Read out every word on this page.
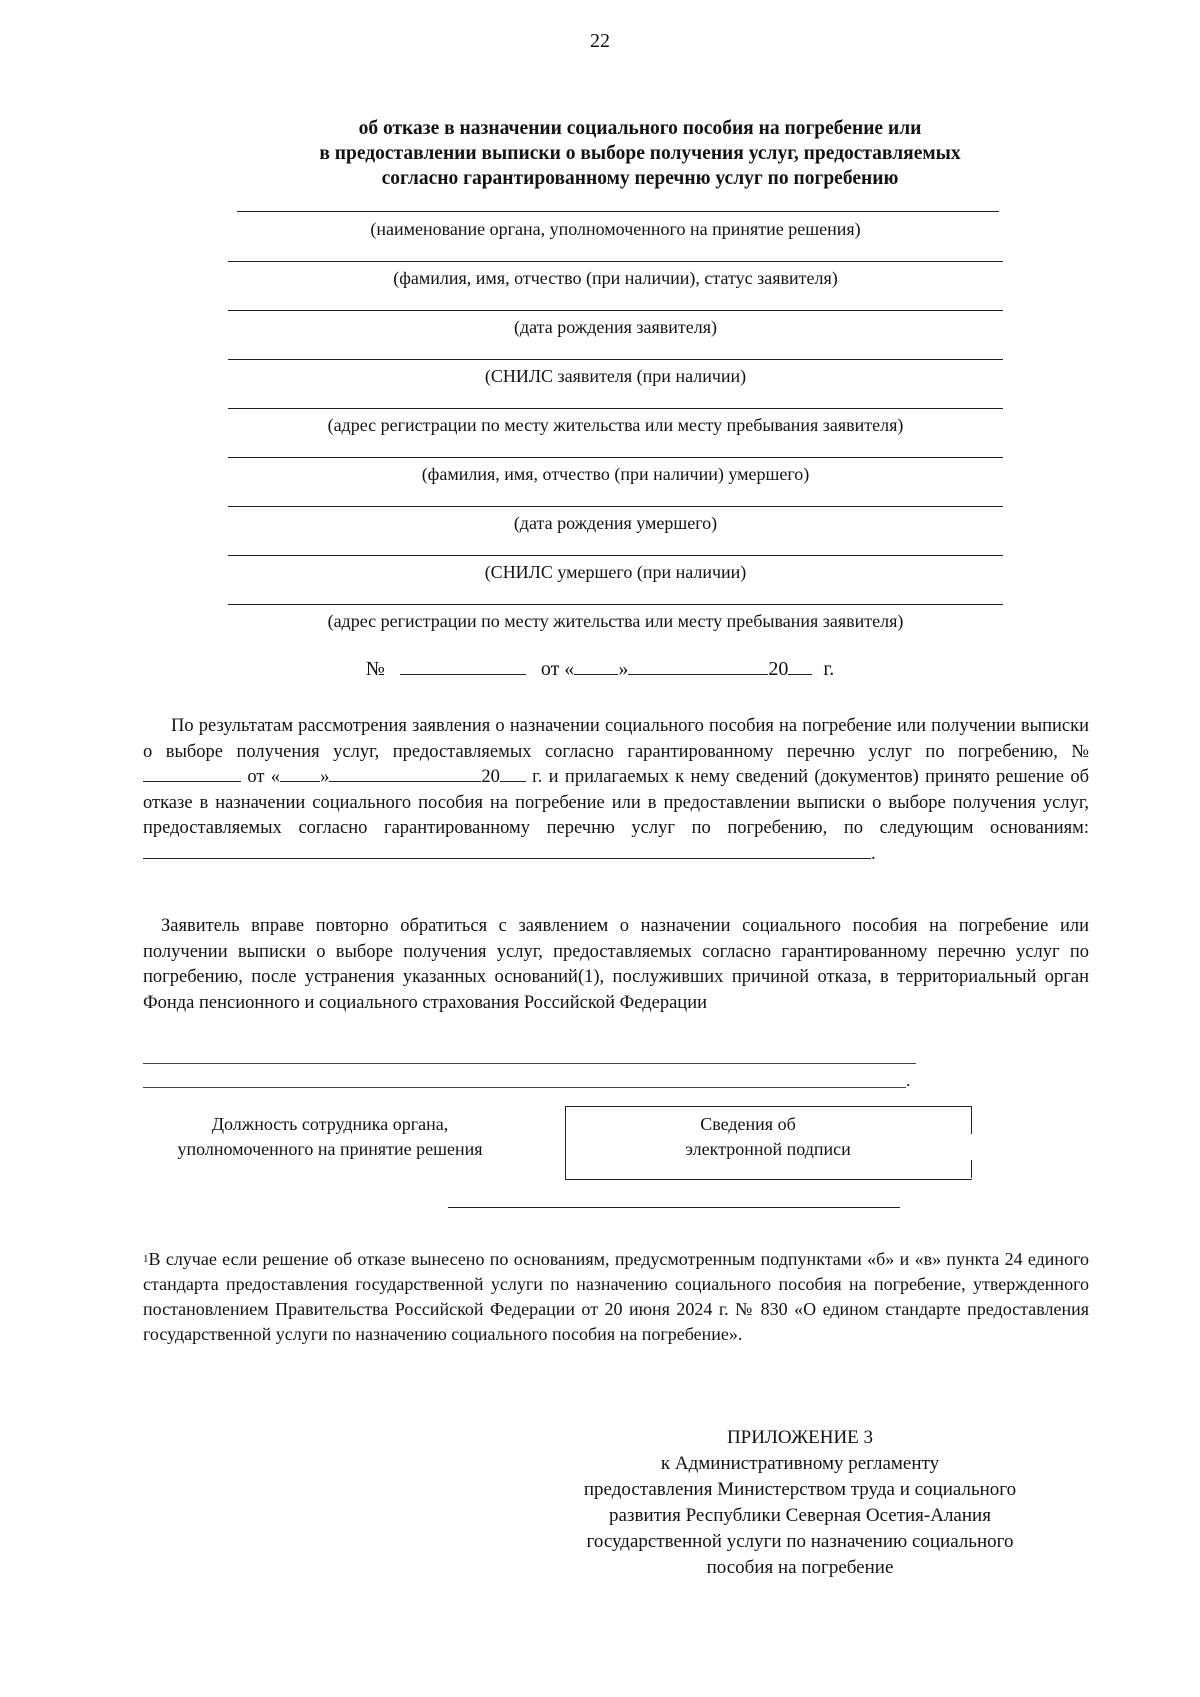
22
об отказе в назначении социального пособия на погребение или
в предоставлении выписки о выборе получения услуг, предоставляемых
согласно гарантированному перечню услуг по погребению
(наименование органа, уполномоченного на принятие решения)
(фамилия, имя, отчество (при наличии), статус заявителя)
(дата рождения заявителя)
(СНИЛС заявителя (при наличии)
(адрес регистрации по месту жительства или месту пребывания заявителя)
(фамилия, имя, отчество (при наличии) умершего)
(дата рождения умершего)
(СНИЛС умершего (при наличии)
(адрес регистрации по месту жительства или месту пребывания заявителя)
№	от « »	20 г.
По результатам рассмотрения заявления о назначении социального пособия на погребение или получении выписки о выборе получения услуг, предоставляемых согласно гарантированному перечню услуг по погребению, №  от « »	20 г. и прилагаемых к нему сведений (документов) принято решение об отказе в назначении социального пособия на погребение или в предоставлении выписки о выборе получения услуг, предоставляемых согласно гарантированному перечню услуг по погребению, по следующим основаниям:.
Заявитель вправе повторно обратиться с заявлением о назначении социального пособия на погребение или получении выписки о выборе получения услуг, предоставляемых согласно гарантированному перечню услуг по погребению, после устранения указанных оснований(1), послуживших причиной отказа, в территориальный орган Фонда пенсионного и социального страхования Российской Федерации
.
Должность сотрудника органа,
уполномоченного на принятие решения
Сведения об
электронной подписи
$^1$В случае если решение об отказе вынесено по основаниям, предусмотренным подпунктами «б» и «в» пункта 24 единого стандарта предоставления государственной услуги по назначению социального пособия на погребение, утвержденного постановлением Правительства Российской Федерации от 20 июня 2024 г. № 830 «О едином стандарте предоставления государственной услуги по назначению социального пособия на погребение».
ПРИЛОЖЕНИЕ 3
к Административному регламенту
предоставления Министерством труда и социального
развития Республики Северная Осетия-Алания
государственной услуги по назначению социального
пособия на погребение
